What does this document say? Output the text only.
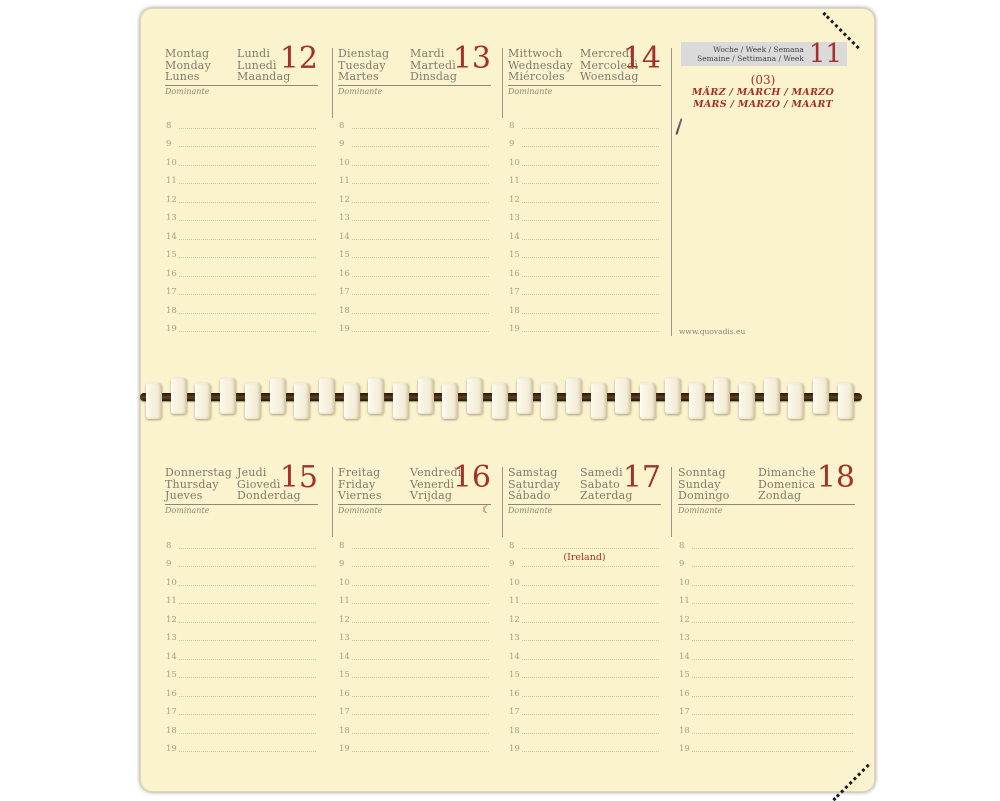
12
Montag
Monday
Lunes
Lundi
Lunedì
Maandag
Dominante
13
Dienstag
Tuesday
Martes
Mardi
Martedì
Dinsdag
Dominante
14
Mittwoch
Wednesday
Miércoles
Mercredi
Mercoledì
Woensdag
Dominante
8
9
10
11
12
13
14
15
16
17
18
19
8
9
10
11
12
13
14
15
16
17
18
19
8
9
10
11
12
13
14
15
16
17
18
19
Woche / Week / Semana
Semaine / Settimana / Week 11
(03)
MÄRZ / MARCH / MARZO
MARS / MARZO / MAART
www.quovadis.eu
15
Donnerstag
Thursday
Jueves
Jeudi
Giovedì
Donderdag
Dominante
16
Freitag
Friday
Viernes
Vendredi
Venerdì
Vrijdag
Dominante	☾
17
Samstag
Saturday
Sábado
Samedi
Sabato
Zaterdag
Dominante
18
Sonntag
Sunday
Domingo
Dimanche
Domenica
Zondag
Dominante
8
9
10
11
12
13
14
15
16
17
18
19
8
9
10
11
12
13
14
15
16
17
18
19
8
9
10
11
12
13
14
15
16
17
18
19
8
9
10
11
12
13
14
15
16
17
18
19
(Ireland)
